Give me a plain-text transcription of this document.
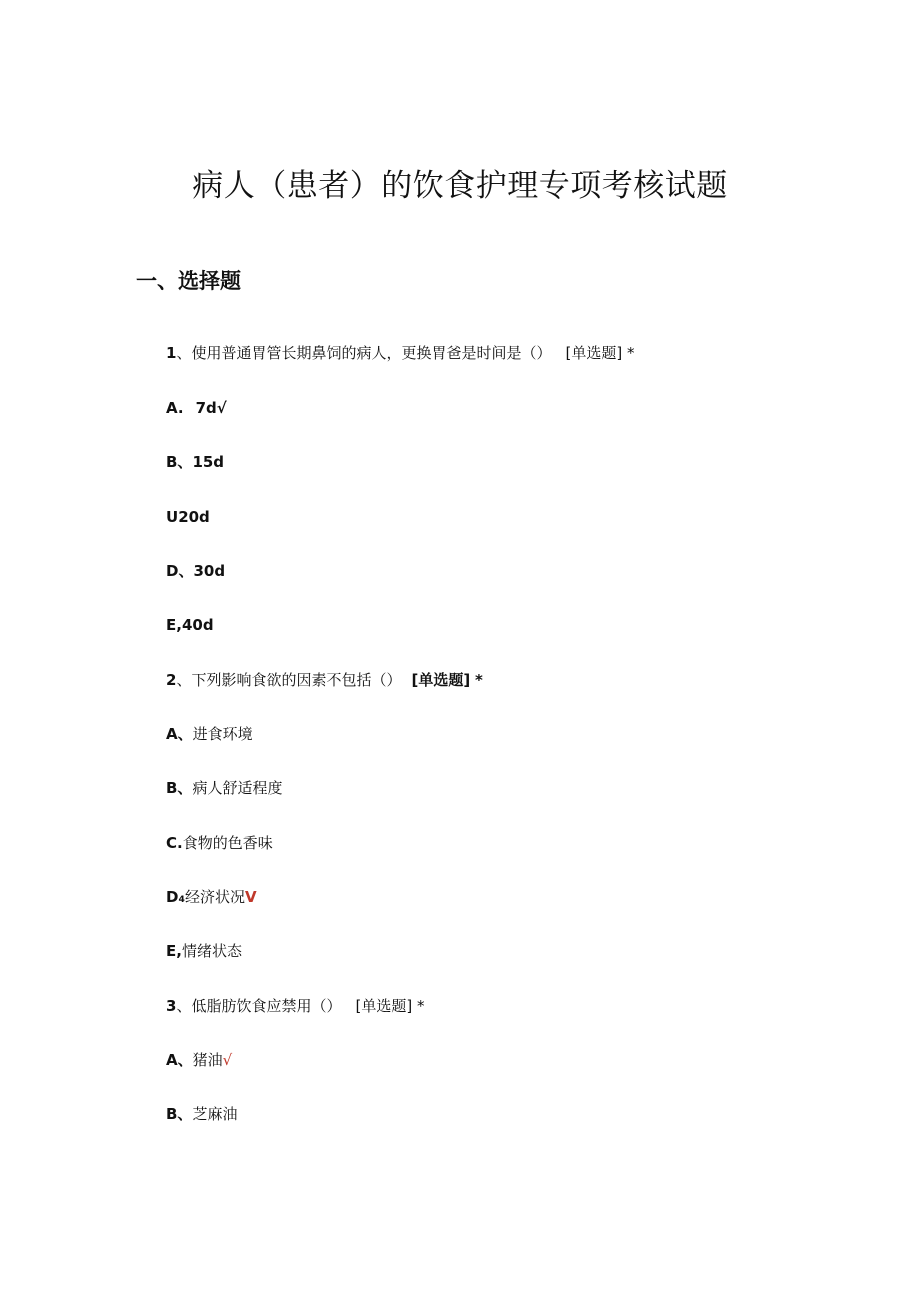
病人（患者）的饮食护理专项考核试题
一、选择题
1、使用普通胃管长期鼻饲的病人，更换胃爸是时间是（） [单选题] *
A. 7d√
B、15d
U20d
D、30d
E,40d
2、下列影响食欲的因素不包括（） [单选题] *
A、进食环境
B、病人舒适程度
C.食物的色香味
D₄经济状况V
E,情绪状态
3、低脂肪饮食应禁用（） [单选题] *
A、猪油√
B、芝麻油
